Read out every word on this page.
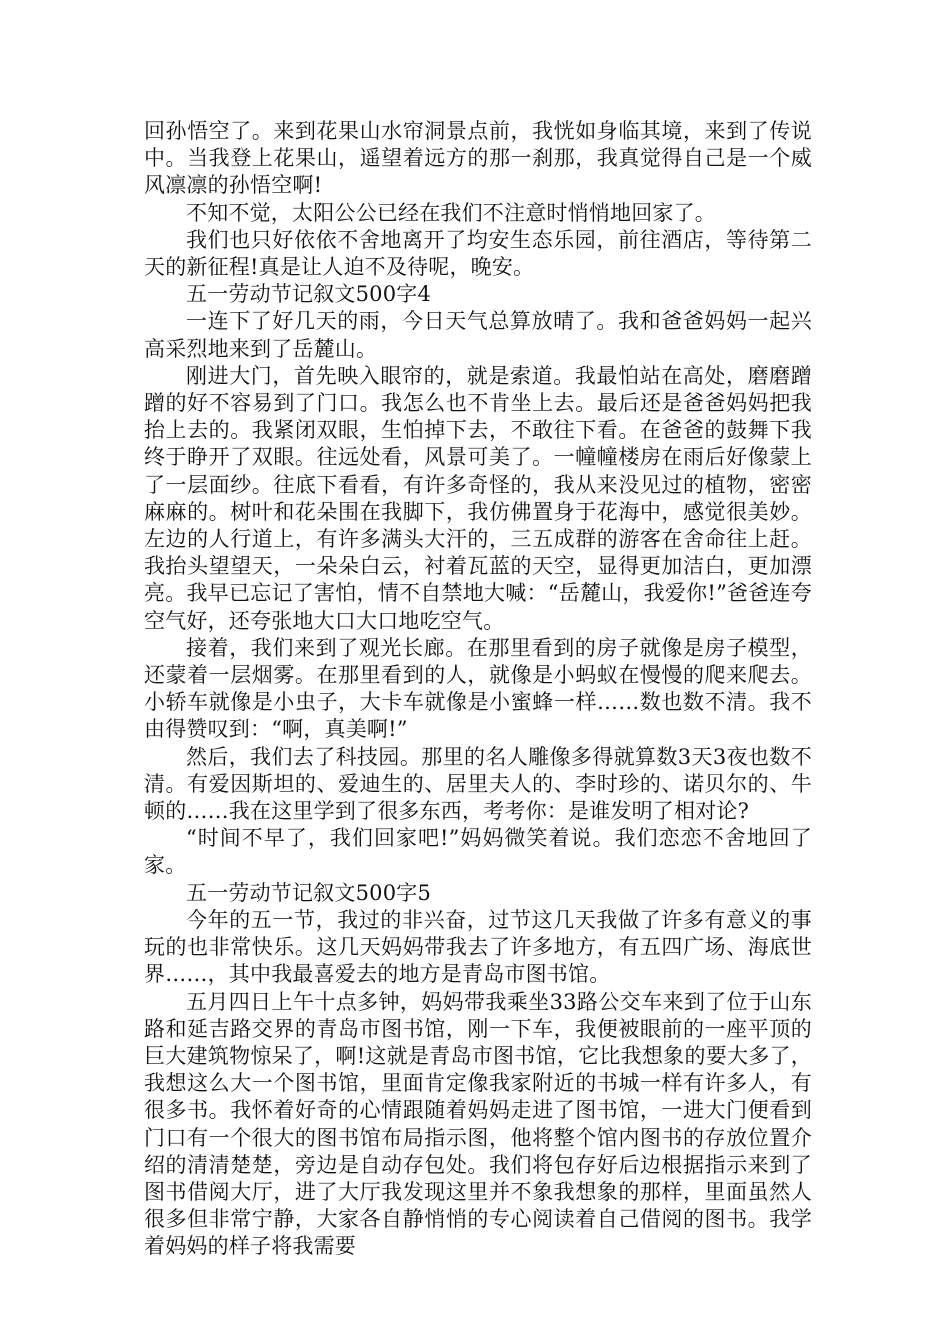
回孙悟空了。来到花果山水帘洞景点前，我恍如身临其境，来到了传说中。当我登上花果山，遥望着远方的那一刹那，我真觉得自己是一个威风凛凛的孙悟空啊!

不知不觉，太阳公公已经在我们不注意时悄悄地回家了。

我们也只好依依不舍地离开了均安生态乐园，前往酒店，等待第二天的新征程!真是让人迫不及待呢，晚安。

五一劳动节记叙文500字4

一连下了好几天的雨，今日天气总算放晴了。我和爸爸妈妈一起兴高采烈地来到了岳麓山。

刚进大门，首先映入眼帘的，就是索道。我最怕站在高处，磨磨蹭蹭的好不容易到了门口。我怎么也不肯坐上去。最后还是爸爸妈妈把我抬上去的。我紧闭双眼，生怕掉下去，不敢往下看。在爸爸的鼓舞下我终于睁开了双眼。往远处看，风景可美了。一幢幢楼房在雨后好像蒙上了一层面纱。往底下看看，有许多奇怪的，我从来没见过的植物，密密麻麻的。树叶和花朵围在我脚下，我仿佛置身于花海中，感觉很美妙。左边的人行道上，有许多满头大汗的，三五成群的游客在舍命往上赶。我抬头望望天，一朵朵白云，衬着瓦蓝的天空，显得更加洁白，更加漂亮。我早已忘记了害怕，情不自禁地大喊：“岳麓山，我爱你!”爸爸连夸空气好，还夸张地大口大口地吃空气。

接着，我们来到了观光长廊。在那里看到的房子就像是房子模型，还蒙着一层烟雾。在那里看到的人，就像是小蚂蚁在慢慢的爬来爬去。小轿车就像是小虫子，大卡车就像是小蜜蜂一样……数也数不清。我不由得赞叹到：“啊，真美啊!”

然后，我们去了科技园。那里的名人雕像多得就算数3天3夜也数不清。有爱因斯坦的、爱迪生的、居里夫人的、李时珍的、诺贝尔的、牛顿的……我在这里学到了很多东西，考考你：是谁发明了相对论?

“时间不早了，我们回家吧!”妈妈微笑着说。我们恋恋不舍地回了家。

五一劳动节记叙文500字5

今年的五一节，我过的非兴奋，过节这几天我做了许多有意义的事玩的也非常快乐。这几天妈妈带我去了许多地方，有五四广场、海底世界……，其中我最喜爱去的地方是青岛市图书馆。

五月四日上午十点多钟，妈妈带我乘坐33路公交车来到了位于山东路和延吉路交界的青岛市图书馆，刚一下车，我便被眼前的一座平顶的巨大建筑物惊呆了，啊!这就是青岛市图书馆，它比我想象的要大多了，我想这么大一个图书馆，里面肯定像我家附近的书城一样有许多人，有很多书。我怀着好奇的心情跟随着妈妈走进了图书馆，一进大门便看到门口有一个很大的图书馆布局指示图，他将整个馆内图书的存放位置介绍的清清楚楚，旁边是自动存包处。我们将包存好后边根据指示来到了图书借阅大厅，进了大厅我发现这里并不象我想象的那样，里面虽然人很多但非常宁静，大家各自静悄悄的专心阅读着自己借阅的图书。我学着妈妈的样子将我需要
